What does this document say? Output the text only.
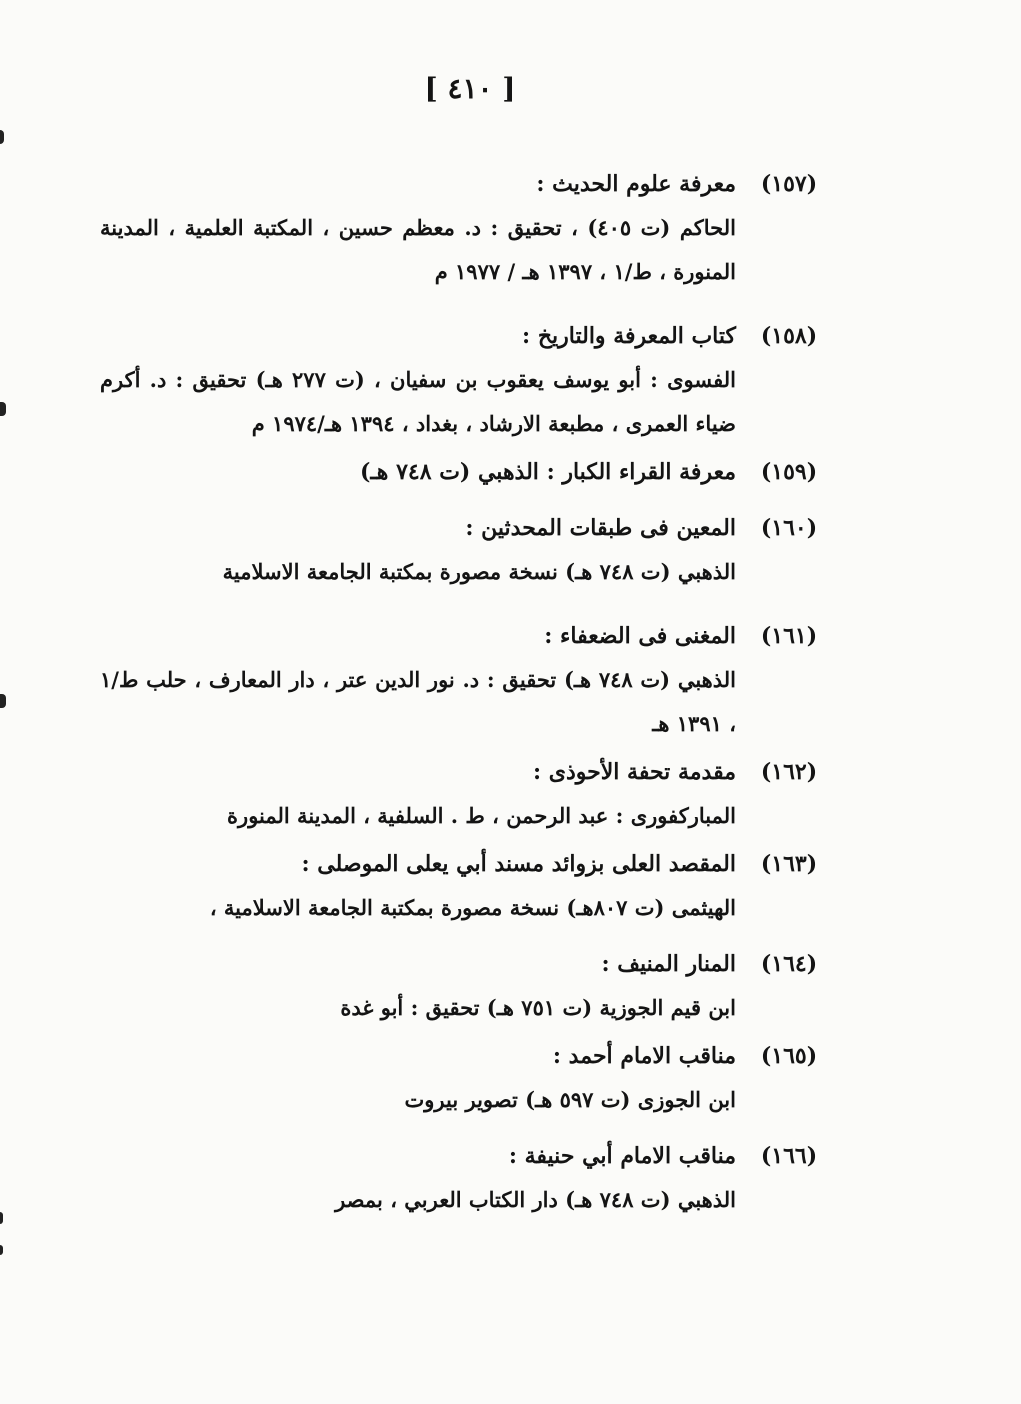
[ ٤١٠ ]
(١٥٧)
معرفة علوم الحديث :
الحاكم (ت ٤٠٥) ، تحقيق : د. معظم حسين ، المكتبة العلمية ، المدينة المنورة ، ط/١ ، ١٣٩٧ هـ / ١٩٧٧ م
(١٥٨)
كتاب المعرفة والتاريخ :
الفسوى : أبو يوسف يعقوب بن سفيان ، (ت ٢٧٧ هـ) تحقيق : د. أكرم ضياء العمرى ، مطبعة الارشاد ، بغداد ، ١٣٩٤ هـ/١٩٧٤ م
(١٥٩)
معرفة القراء الكبار : الذهبي (ت ٧٤٨ هـ)
(١٦٠)
المعين فى طبقات المحدثين :
الذهبي (ت ٧٤٨ هـ) نسخة مصورة بمكتبة الجامعة الاسلامية
(١٦١)
المغنى فى الضعفاء :
الذهبي (ت ٧٤٨ هـ) تحقيق : د. نور الدين عتر ، دار المعارف ، حلب ط/١ ، ١٣٩١ هـ
(١٦٢)
مقدمة تحفة الأحوذى :
المباركفورى : عبد الرحمن ، ط . السلفية ، المدينة المنورة
(١٦٣)
المقصد العلى بزوائد مسند أبي يعلى الموصلى :
الهيثمى (ت ٨٠٧هـ) نسخة مصورة بمكتبة الجامعة الاسلامية ،
(١٦٤)
المنار المنيف :
ابن قيم الجوزية (ت ٧٥١ هـ) تحقيق : أبو غدة
(١٦٥)
مناقب الامام أحمد :
ابن الجوزى (ت ٥٩٧ هـ) تصوير بيروت
(١٦٦)
مناقب الامام أبي حنيفة :
الذهبي (ت ٧٤٨ هـ) دار الكتاب العربي ، بمصر
